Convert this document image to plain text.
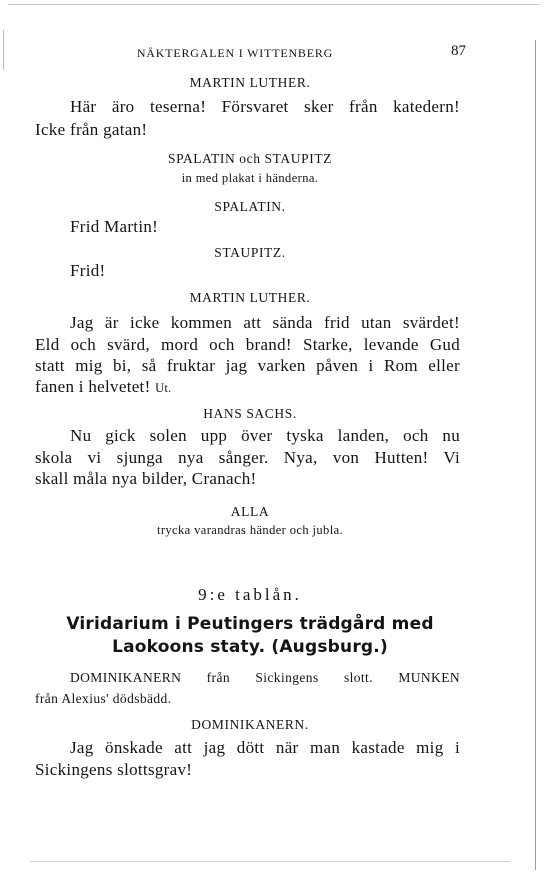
NÄKTERGALEN I WITTENBERG	87
MARTIN LUTHER.
Här äro teserna! Försvaret sker från katedern!
Icke från gatan!
SPALATIN och STAUPITZ
in med plakat i händerna.
SPALATIN.
Frid Martin!
STAUPITZ.
Frid!
MARTIN LUTHER.
Jag är icke kommen att sända frid utan svärdet!
Eld och svärd, mord och brand! Starke, levande Gud
statt mig bi, så fruktar jag varken påven i Rom eller
fanen i helvetet! Ut.
HANS SACHS.
Nu gick solen upp över tyska landen, och nu
skola vi sjunga nya sånger. Nya, von Hutten! Vi
skall måla nya bilder, Cranach!
ALLA
trycka varandras händer och jubla.
9:e tablån.
Viridarium i Peutingers trädgård med
Laokoons staty. (Augsburg.)
DOMINIKANERN från Sickingens slott. MUNKEN
från Alexius' dödsbädd.
DOMINIKANERN.
Jag önskade att jag dött när man kastade mig i
Sickingens slottsgrav!
